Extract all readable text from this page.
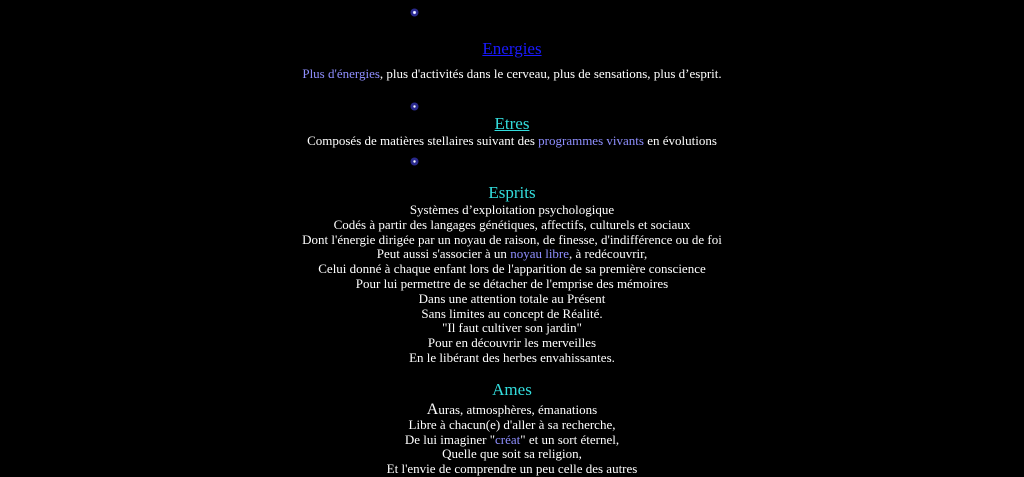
Energies
Plus d'énergies, plus d'activités dans le cerveau, plus de sensations, plus d’esprit.
Etres
Composés de matières stellaires suivant des programmes vivants en évolutions
Esprits
Systèmes d’exploitation psychologique
Codés à partir des langages génétiques, affectifs, culturels et sociaux
Dont l'énergie dirigée par un noyau de raison, de finesse, d'indifférence ou de foi
Peut aussi s'associer à un noyau libre, à redécouvrir,
Celui donné à chaque enfant lors de l'apparition de sa première conscience
Pour lui permettre de se détacher de l'emprise des mémoires
Dans une attention totale au Présent
Sans limites au concept de Réalité.
"Il faut cultiver son jardin"
Pour en découvrir les merveilles
En le libérant des herbes envahissantes.
Ames
Auras, atmosphères, émanations
Libre à chacun(e) d'aller à sa recherche,
De lui imaginer "créat" et un sort éternel,
Quelle que soit sa religion,
Et l'envie de comprendre un peu celle des autres
